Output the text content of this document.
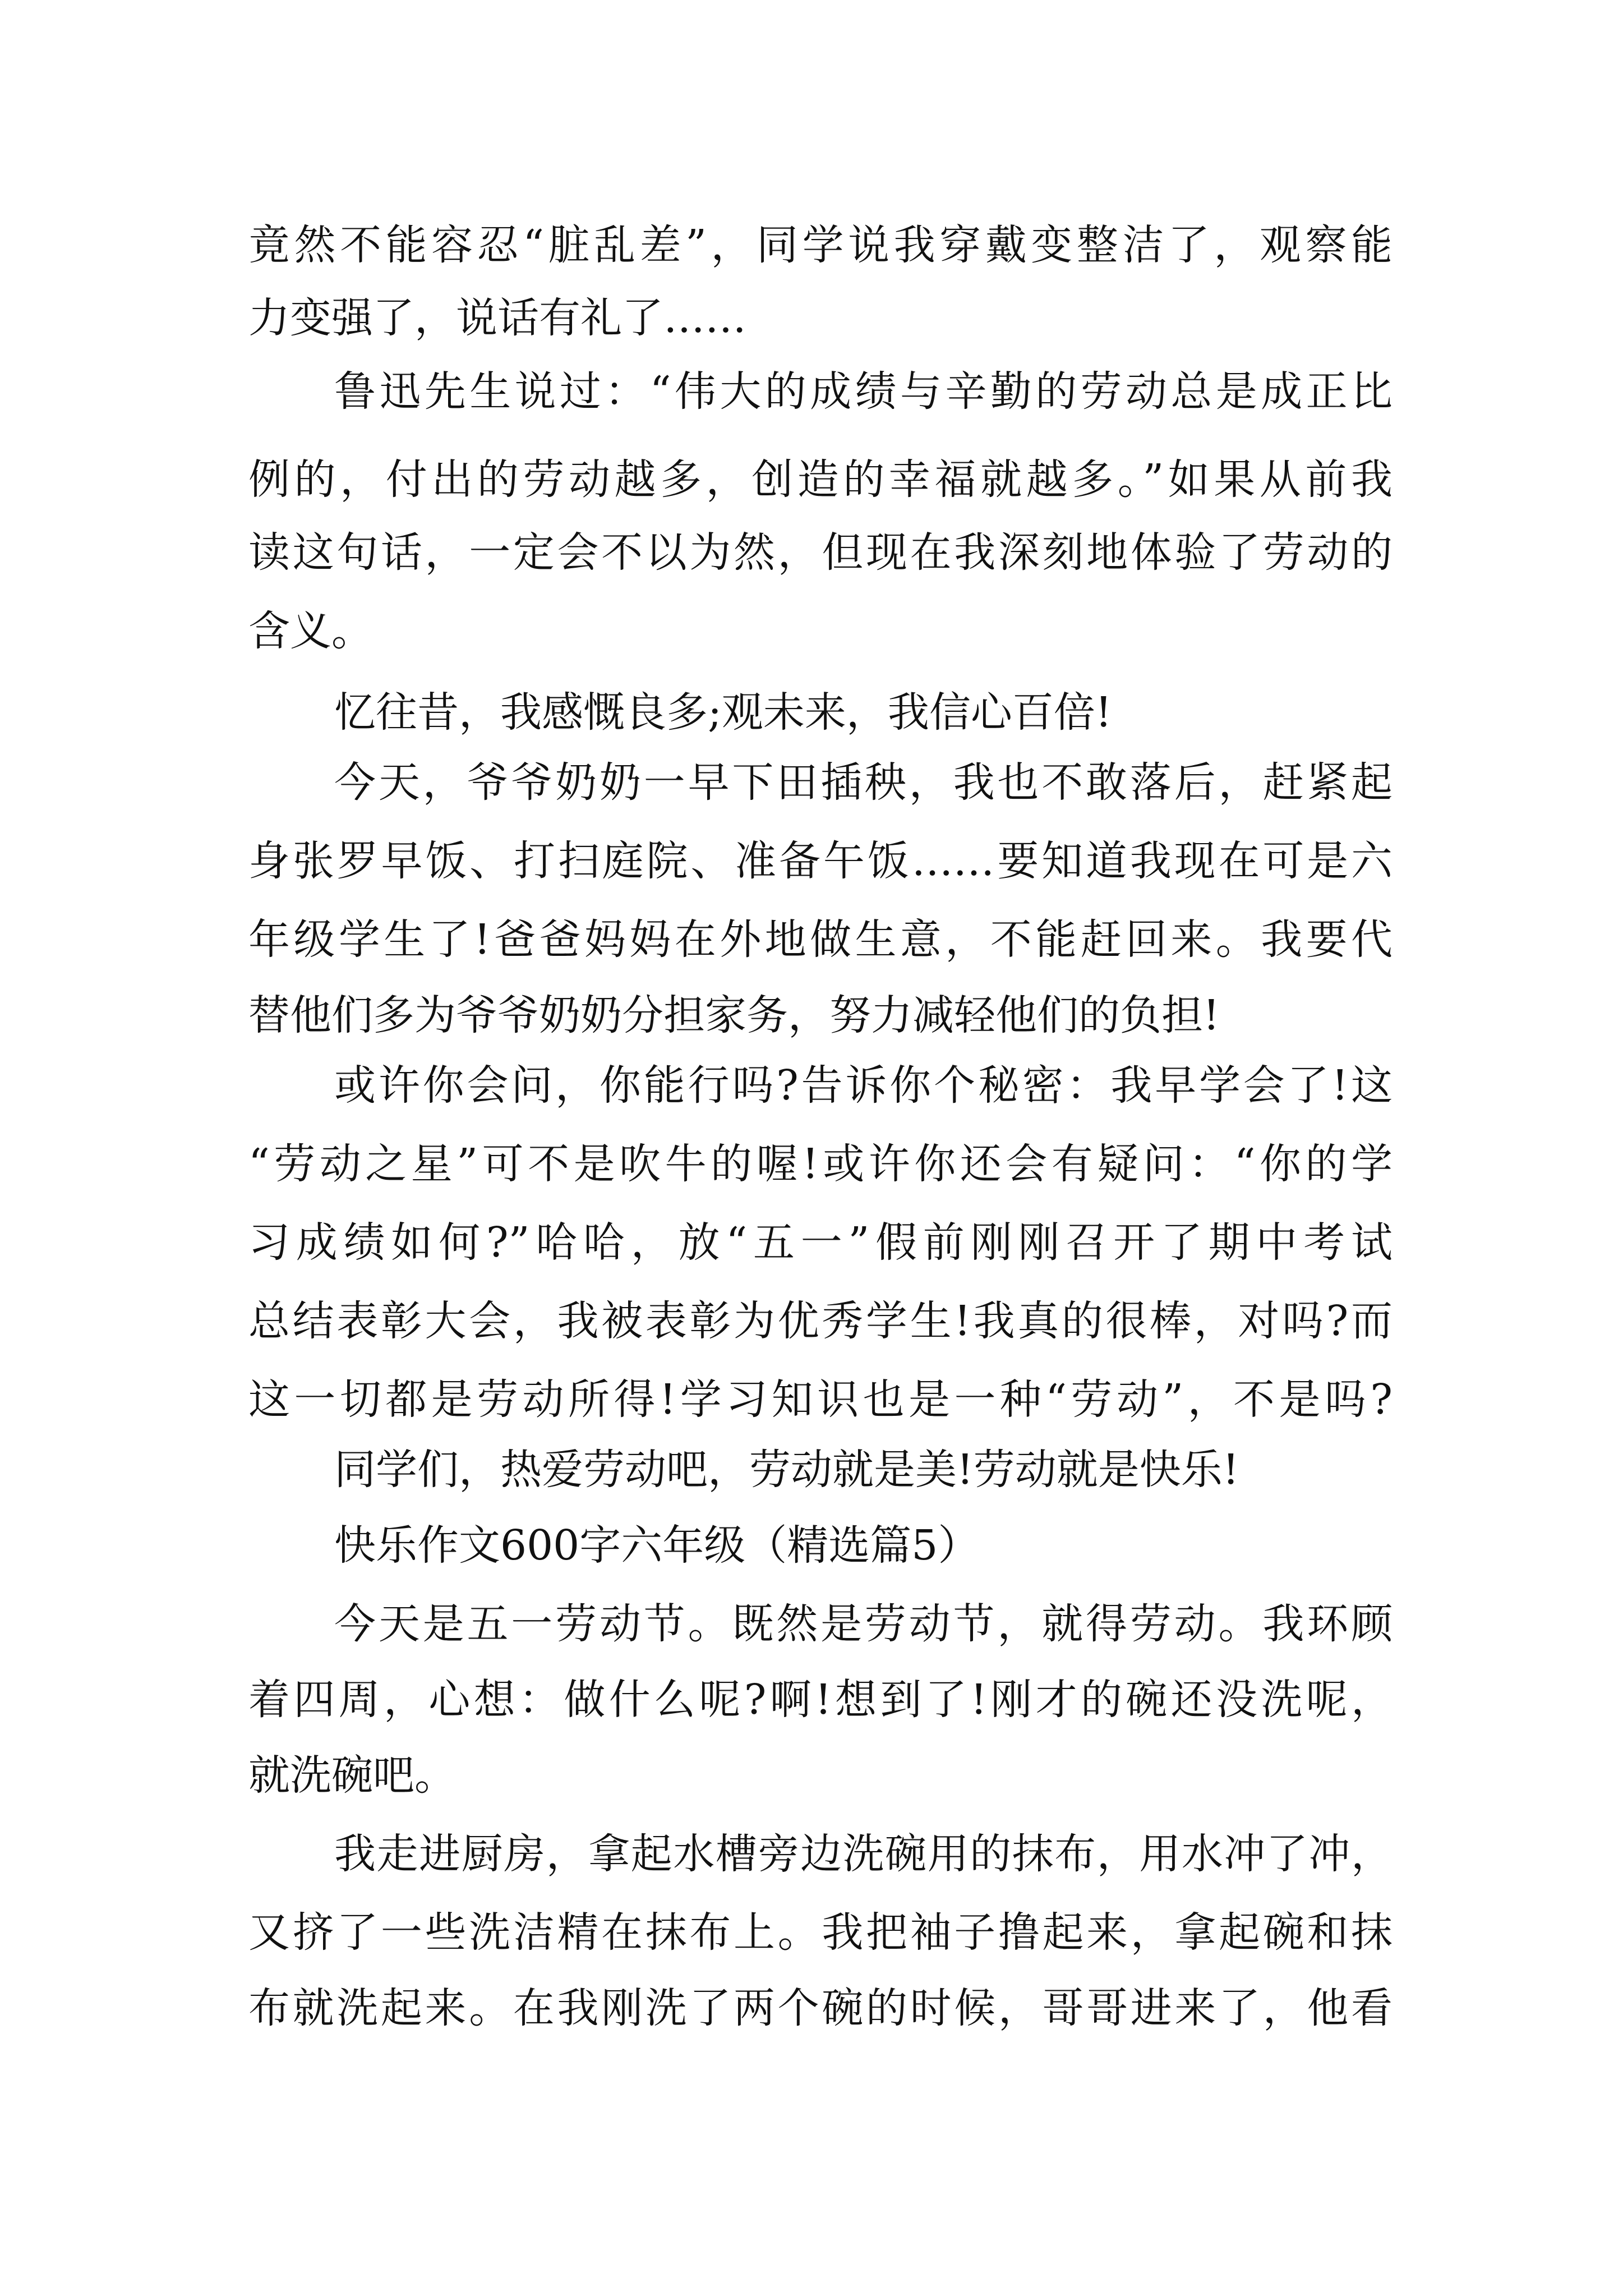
竟然不能容忍“脏乱差”，同学说我穿戴变整洁了，观察能
力变强了，说话有礼了……
鲁迅先生说过：“伟大的成绩与辛勤的劳动总是成正比
例的，付出的劳动越多，创造的幸福就越多。”如果从前我
读这句话，一定会不以为然，但现在我深刻地体验了劳动的
含义。
忆往昔，我感慨良多;观未来，我信心百倍!
今天，爷爷奶奶一早下田插秧，我也不敢落后，赶紧起
身张罗早饭、打扫庭院、准备午饭……要知道我现在可是六
年级学生了!爸爸妈妈在外地做生意，不能赶回来。我要代
替他们多为爷爷奶奶分担家务，努力减轻他们的负担!
或许你会问，你能行吗?告诉你个秘密：我早学会了!这
“劳动之星”可不是吹牛的喔!或许你还会有疑问：“你的学
习成绩如何?”哈哈，放“五一”假前刚刚召开了期中考试
总结表彰大会，我被表彰为优秀学生!我真的很棒，对吗?而
这一切都是劳动所得!学习知识也是一种“劳动”，不是吗?
同学们，热爱劳动吧，劳动就是美!劳动就是快乐!
快乐作文600字六年级（精选篇5）
今天是五一劳动节。既然是劳动节，就得劳动。我环顾
着四周，心想：做什么呢?啊!想到了!刚才的碗还没洗呢，
就洗碗吧。
我走进厨房，拿起水槽旁边洗碗用的抹布，用水冲了冲，
又挤了一些洗洁精在抹布上。我把袖子撸起来，拿起碗和抹
布就洗起来。在我刚洗了两个碗的时候，哥哥进来了，他看
